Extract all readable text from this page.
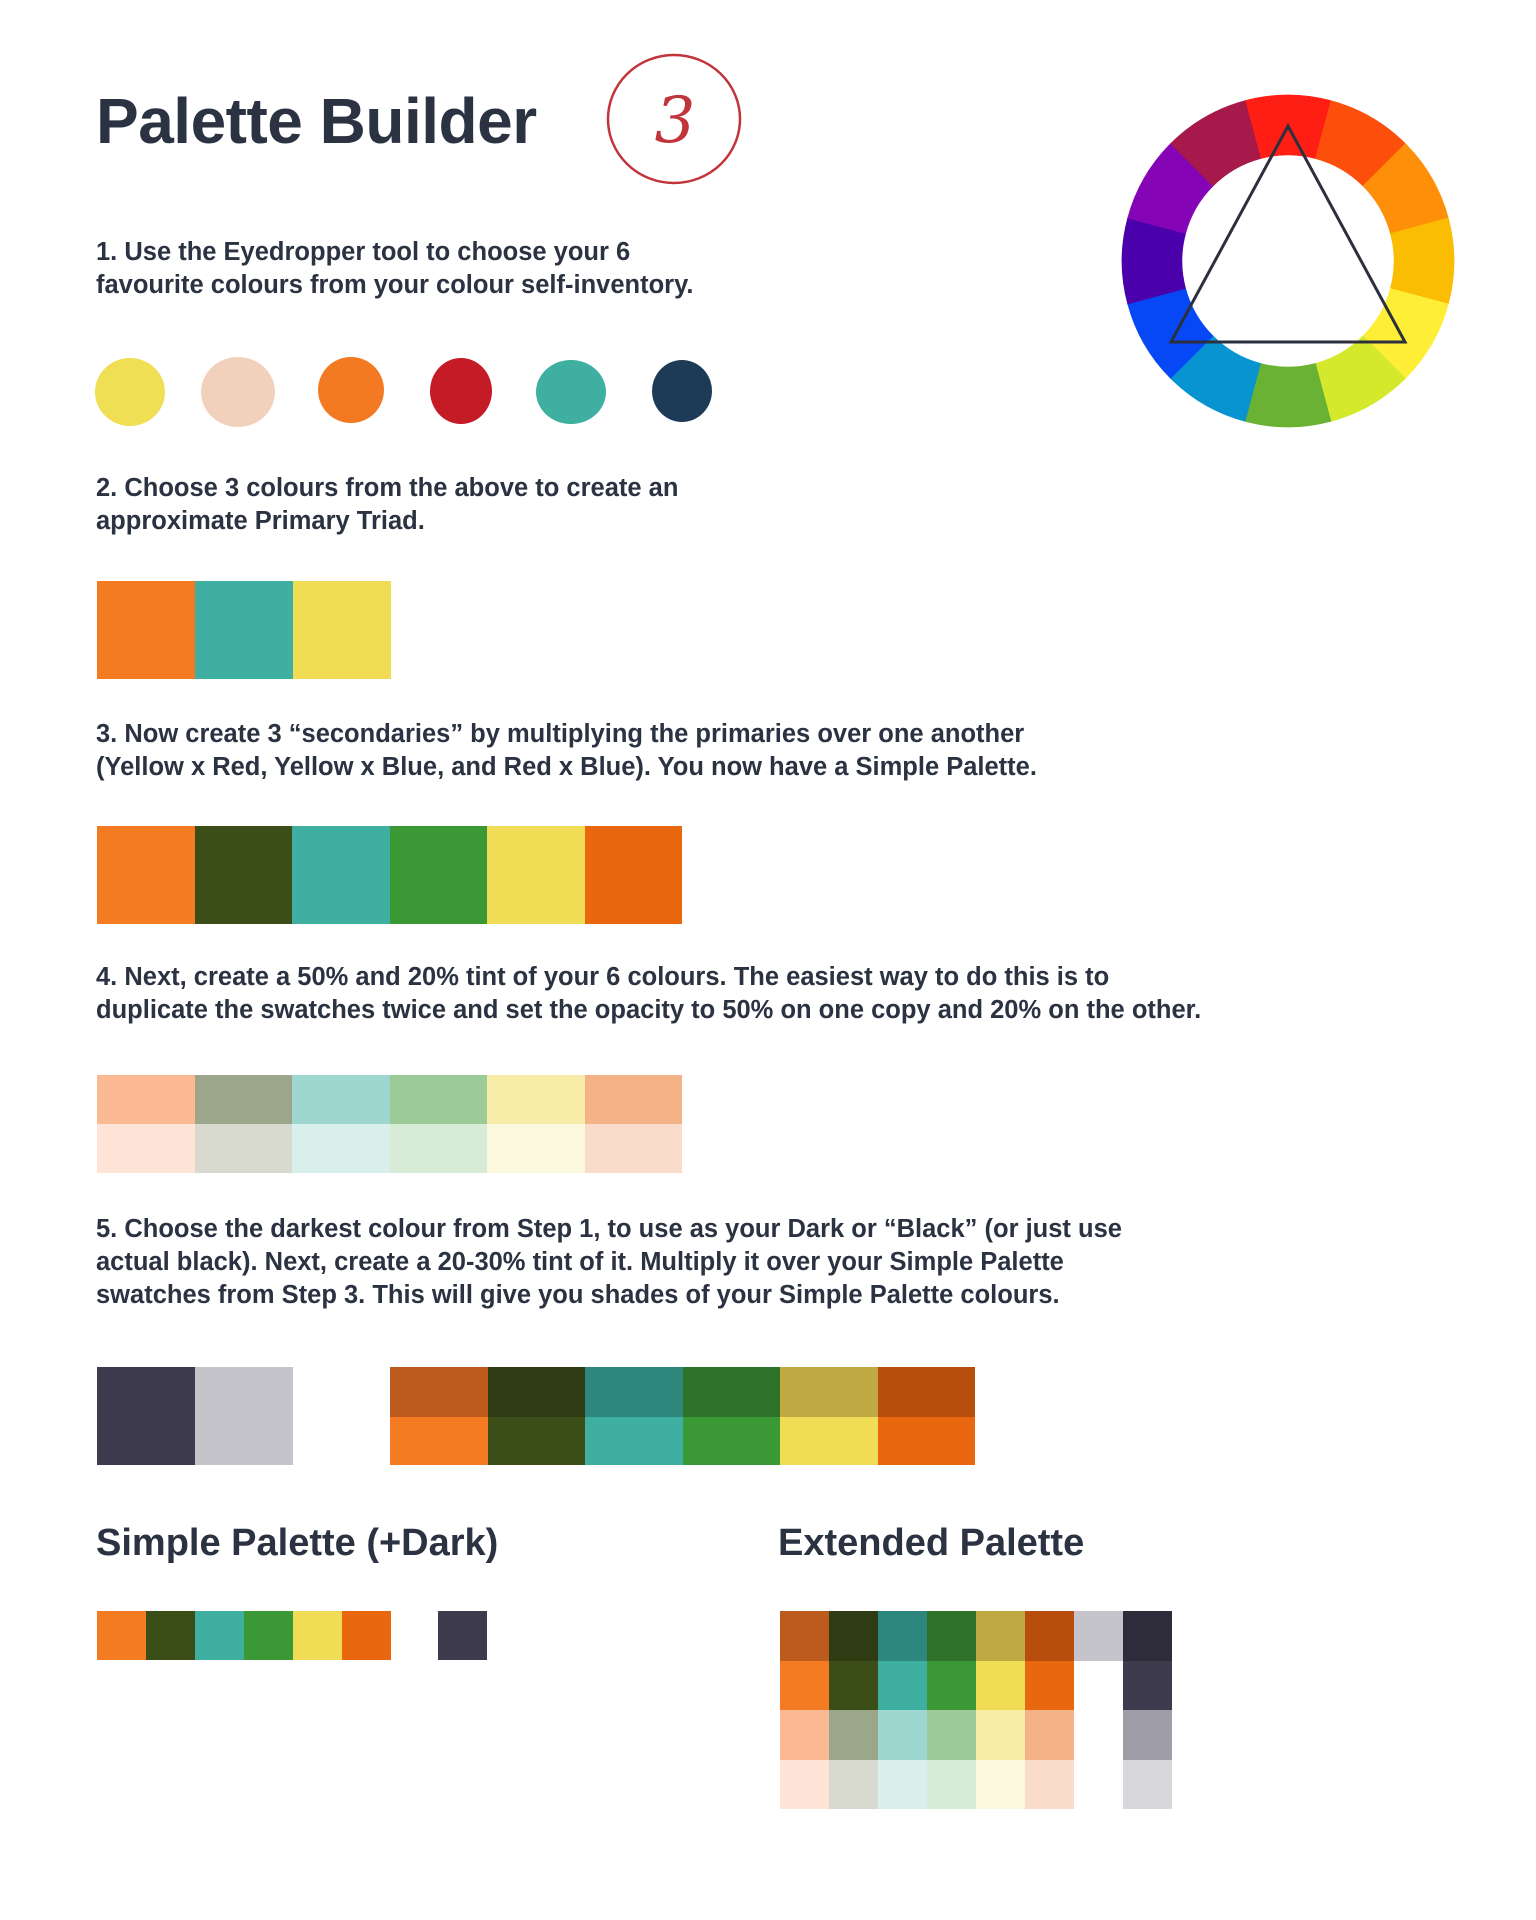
Palette Builder 3
1. Use the Eyedropper tool to choose your 6
favourite colours from your colour self-inventory.
2. Choose 3 colours from the above to create an
approximate Primary Triad.
3. Now create 3 “secondaries” by multiplying the primaries over one another
(Yellow x Red, Yellow x Blue, and Red x Blue). You now have a Simple Palette.
4. Next, create a 50% and 20% tint of your 6 colours. The easiest way to do this is to
duplicate the swatches twice and set the opacity to 50% on one copy and 20% on the other.
5. Choose the darkest colour from Step 1, to use as your Dark or “Black” (or just use
actual black). Next, create a 20-30% tint of it. Multiply it over your Simple Palette
swatches from Step 3. This will give you shades of your Simple Palette colours.
Simple Palette (+Dark)	Extended Palette
